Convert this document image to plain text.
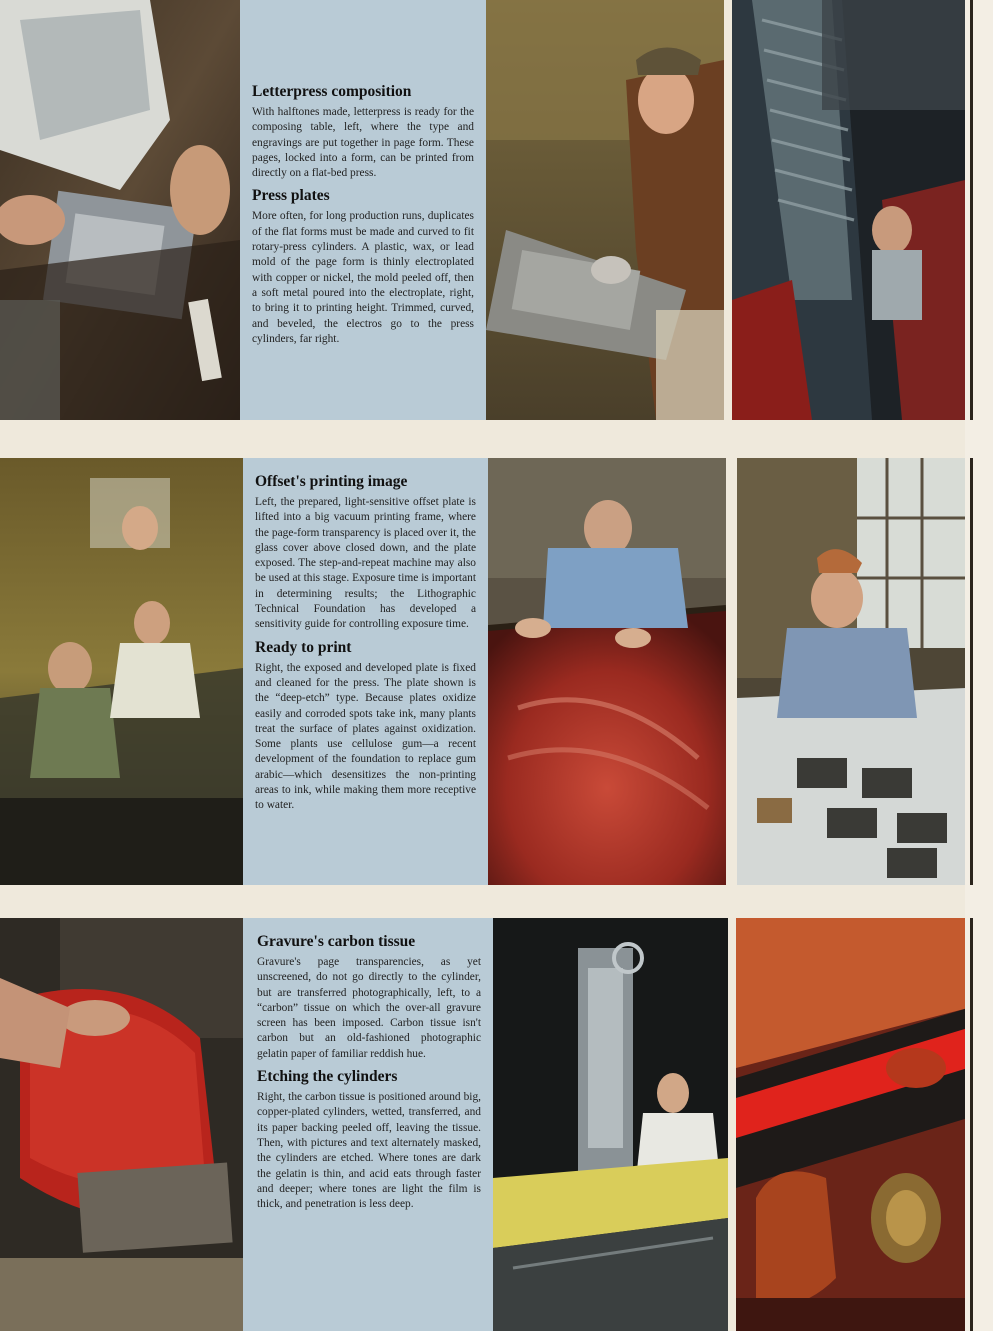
Letterpress composition

With halftones made, letterpress is ready for the composing table, left, where the type and engravings are put together in page form. These pages, locked into a form, can be printed from directly on a flat-bed press.

Press plates

More often, for long production runs, duplicates of the flat forms must be made and curved to fit rotary-press cylinders. A plastic, wax, or lead mold of the page form is thinly electroplated with copper or nickel, the mold peeled off, then a soft metal poured into the electroplate, right, to bring it to printing height. Trimmed, curved, and beveled, the electros go to the press cylinders, far right.

Offset's printing image

Left, the prepared, light-sensitive offset plate is lifted into a big vacuum printing frame, where the page-form transparency is placed over it, the glass cover above closed down, and the plate exposed. The step-and-repeat machine may also be used at this stage. Exposure time is important in determining results; the Lithographic Technical Foundation has developed a sensitivity guide for controlling exposure time.

Ready to print

Right, the exposed and developed plate is fixed and cleaned for the press. The plate shown is the “deep-etch” type. Because plates oxidize easily and corroded spots take ink, many plants treat the surface of plates against oxidization. Some plants use cellulose gum—a recent development of the foundation to replace gum arabic—which desensitizes the non-printing areas to ink, while making them more receptive to water.

Gravure's carbon tissue

Gravure's page transparencies, as yet unscreened, do not go directly to the cylinder, but are transferred photographically, left, to a “carbon” tissue on which the over-all gravure screen has been imposed. Carbon tissue isn't carbon but an old-fashioned photographic gelatin paper of familiar reddish hue.

Etching the cylinders

Right, the carbon tissue is positioned around big, copper-plated cylinders, wetted, transferred, and its paper backing peeled off, leaving the tissue. Then, with pictures and text alternately masked, the cylinders are etched. Where tones are dark the gelatin is thin, and acid eats through faster and deeper; where tones are light the film is thick, and penetration is less deep.
